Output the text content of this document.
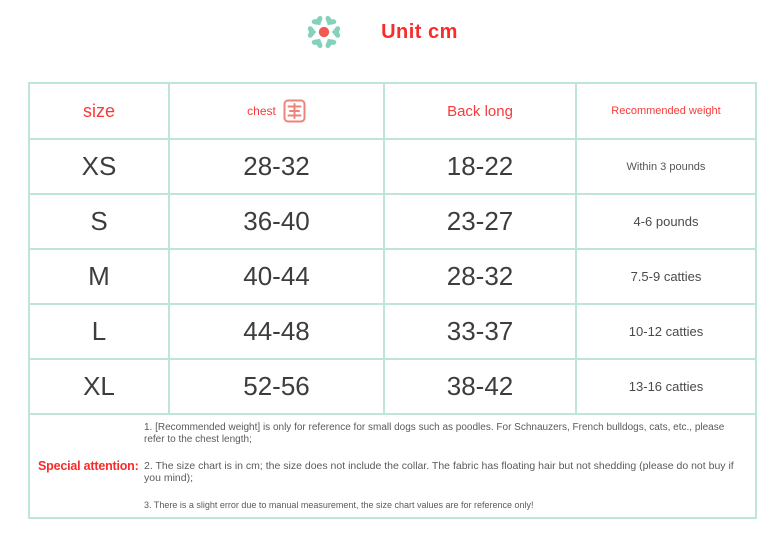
Unit cm
size	chest	Back long	Recommended weight
XS	28-32	18-22	Within 3 pounds
S	36-40	23-27	4-6 pounds
M	40-44	28-32	7.5-9 catties
L	44-48	33-37	10-12 catties
XL	52-56	38-42	13-16 catties

Special attention:

1. [Recommended weight] is only for reference for small dogs such as poodles. For Schnauzers, French bulldogs, cats, etc., please refer to the chest length;

2. The size chart is in cm; the size does not include the collar. The fabric has floating hair but not shedding (please do not buy if you mind);

3. There is a slight error due to manual measurement, the size chart values are for reference only!			
